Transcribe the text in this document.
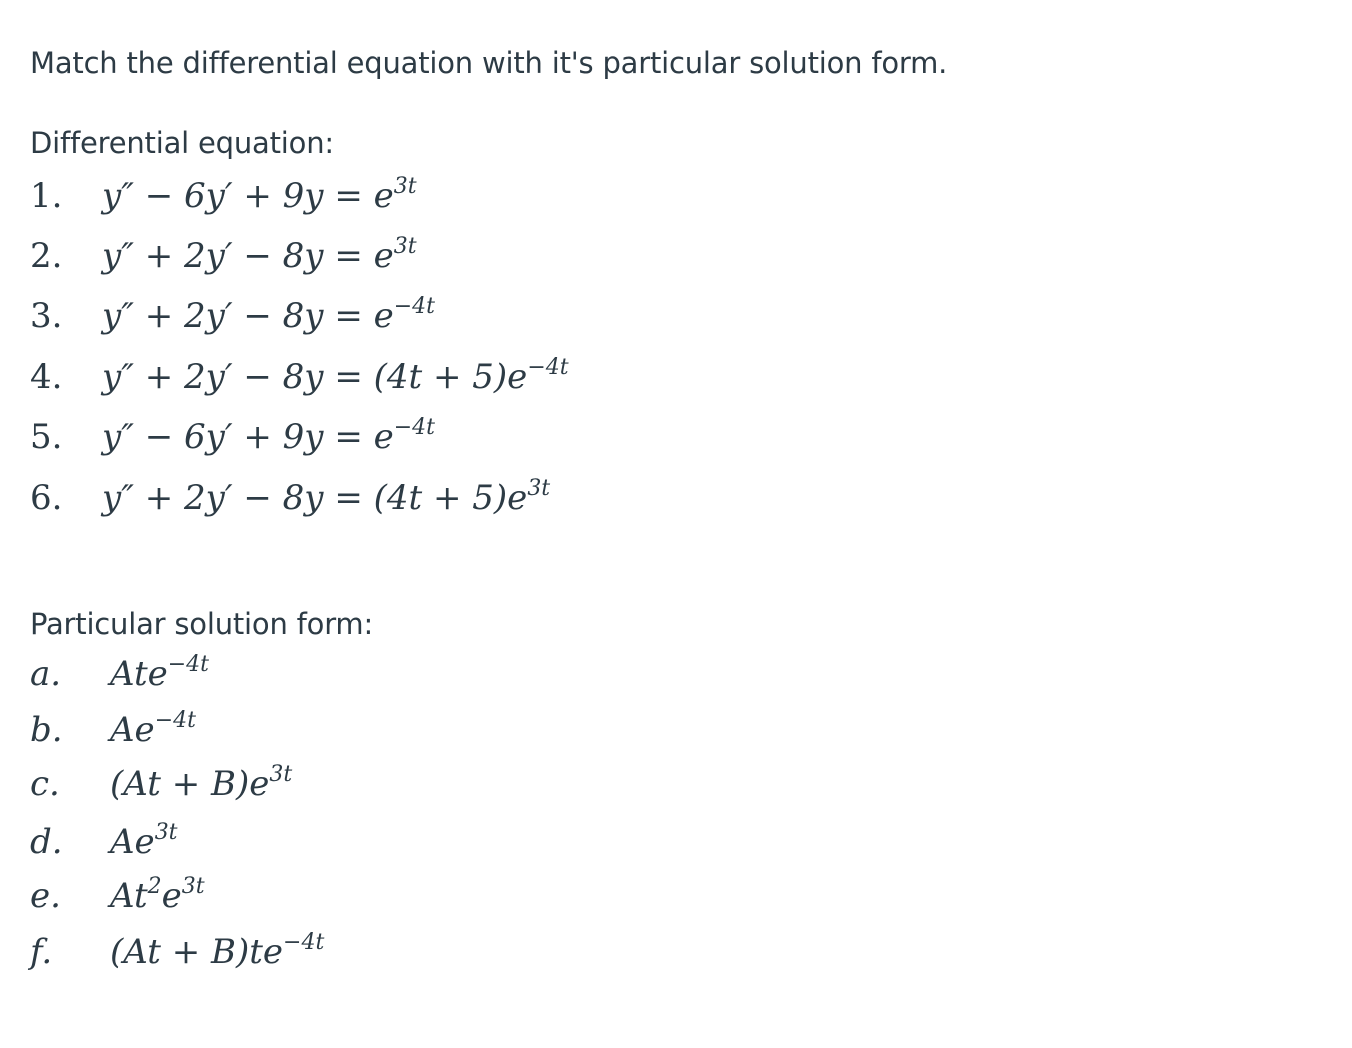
Match the differential equation with it's particular solution form.
Differential equation:
1. $y'' - 6y' + 9y = e^{3t}$
2. $y'' + 2y' - 8y = e^{3t}$
3. $y'' + 2y' - 8y = e^{-4t}$
4. $y'' + 2y' - 8y = (4t + 5)e^{-4t}$
5. $y'' - 6y' + 9y = e^{-4t}$
6. $y'' + 2y' - 8y = (4t + 5)e^{3t}$
Particular solution form:
a. Ate$^{-4t}$
b. $Ae^{-4t}$
c. $(At + B)e^{3t}$
d. $Ae^{3t}$
e. $At^2e^{3t}$
f. $(At + B)te^{-4t}$
